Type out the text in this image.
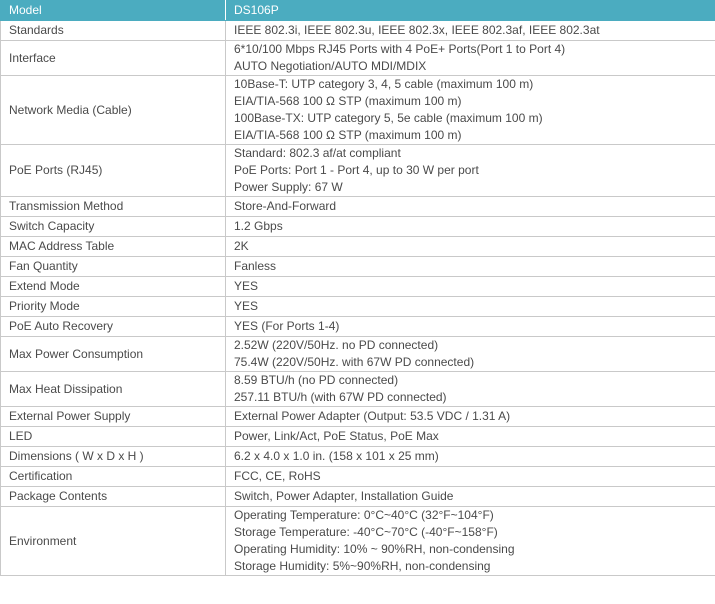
Model	DS106P
Standards	IEEE 802.3i, IEEE 802.3u, IEEE 802.3x, IEEE 802.3af, IEEE 802.3at

Interface	6*10/100 Mbps RJ45 Ports with 4 PoE+ Ports(Port 1 to Port 4)
AUTO Negotiation/AUTO MDI/MDIX

Network Media (Cable)	10Base-T: UTP category 3, 4, 5 cable (maximum 100 m)
EIA/TIA-568 100 Ω STP (maximum 100 m)
100Base-TX: UTP category 5, 5e cable (maximum 100 m)
EIA/TIA-568 100 Ω STP (maximum 100 m)

PoE Ports (RJ45)	Standard: 802.3 af/at compliant
PoE Ports: Port 1 - Port 4, up to 30 W per port
Power Supply: 67 W

Transmission Method	Store-And-Forward

Switch Capacity	1.2 Gbps

MAC Address Table	2K

Fan Quantity	Fanless

Extend Mode	YES

Priority Mode	YES

PoE Auto Recovery	YES (For Ports 1-4)

Max Power Consumption	2.52W (220V/50Hz. no PD connected)
75.4W (220V/50Hz. with 67W PD connected)

Max Heat Dissipation	8.59 BTU/h (no PD connected)
257.11 BTU/h (with 67W PD connected)

External Power Supply	External Power Adapter (Output: 53.5 VDC / 1.31 A)

LED	Power, Link/Act, PoE Status, PoE Max

Dimensions ( W x D x H )	6.2 x 4.0 x 1.0 in. (158 x 101 x 25 mm)

Certification	FCC, CE, RoHS

Package Contents	Switch, Power Adapter, Installation Guide

Environment	Operating Temperature: 0°C~40°C (32°F~104°F)
Storage Temperature: -40°C~70°C (-40°F~158°F)
Operating Humidity: 10% ~ 90%RH, non-condensing
Storage Humidity: 5%~90%RH, non-condensing
